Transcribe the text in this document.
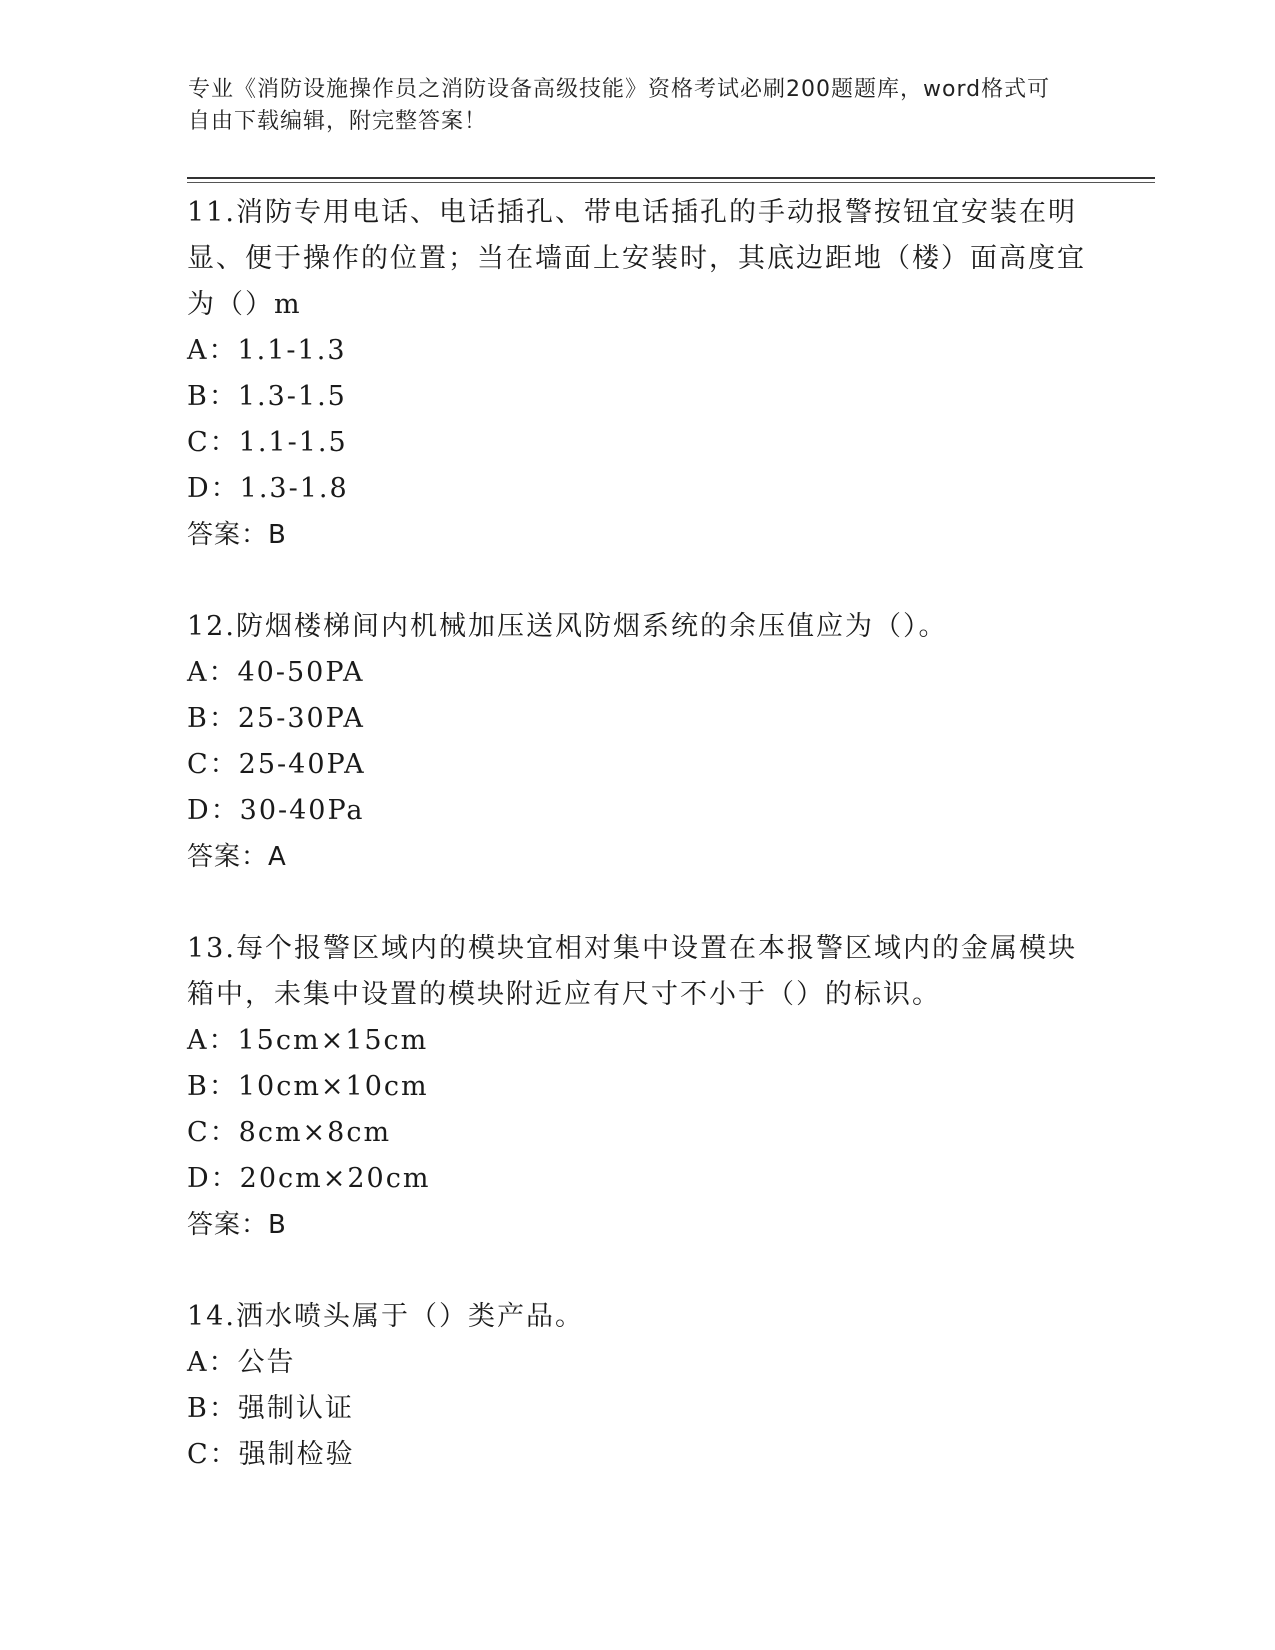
专业《消防设施操作员之消防设备高级技能》资格考试必刷200题题库，word格式可自由下载编辑，附完整答案！

11.消防专用电话、电话插孔、带电话插孔的手动报警按钮宜安装在明显、便于操作的位置；当在墙面上安装时，其底边距地（楼）面高度宜为（）m

A：1.1-1.3

B：1.3-1.5

C：1.1-1.5

D：1.3-1.8

答案：B

12.防烟楼梯间内机械加压送风防烟系统的余压值应为（）。

A：40-50PA

B：25-30PA

C：25-40PA

D：30-40Pa

答案：A

13.每个报警区域内的模块宜相对集中设置在本报警区域内的金属模块箱中，未集中设置的模块附近应有尺寸不小于（）的标识。

A：15cm×15cm

B：10cm×10cm

C：8cm×8cm

D：20cm×20cm

答案：B

14.洒水喷头属于（）类产品。

A：公告

B：强制认证

C：强制检验
